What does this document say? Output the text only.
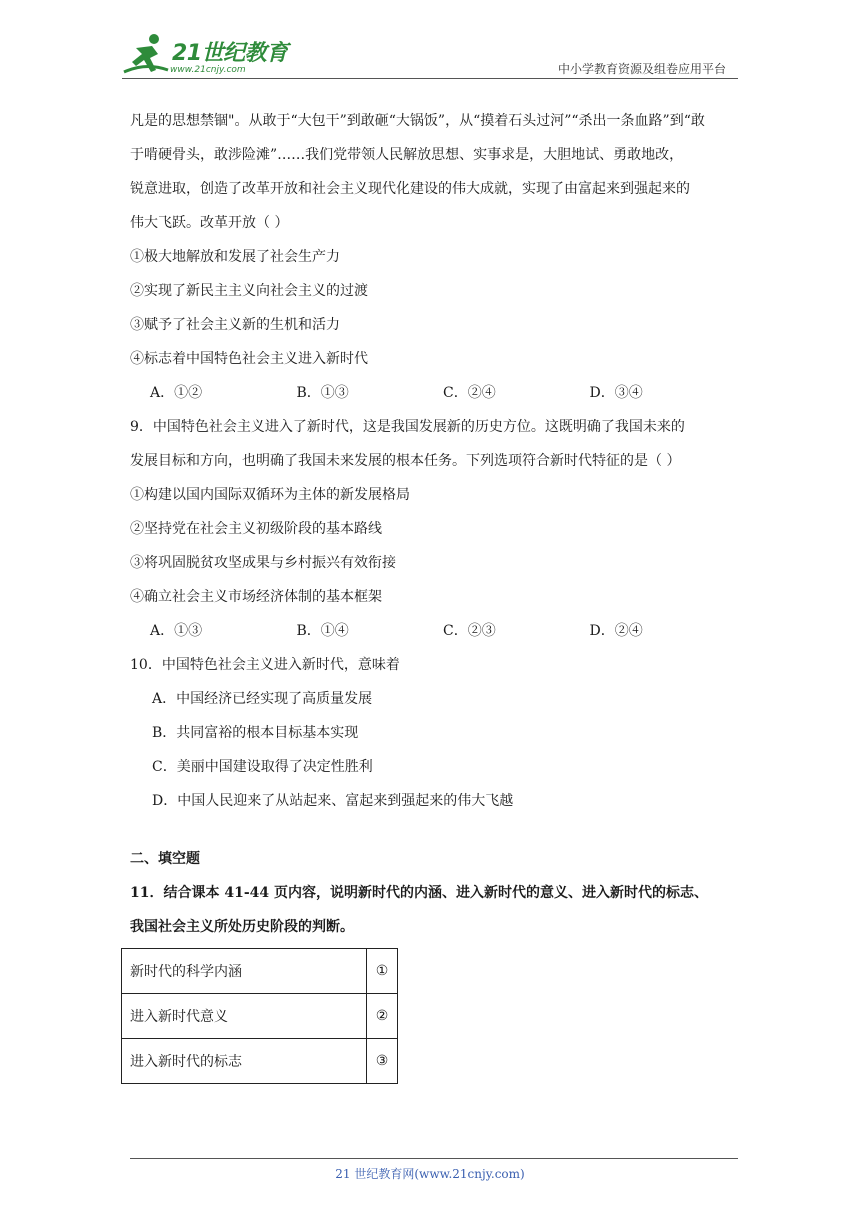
21世纪教育
www.21cnjy.com	中小学教育资源及组卷应用平台
凡是的思想禁锢"。从敢于“大包干”到敢砸“大锅饭”，从“摸着石头过河”“杀出一条血路”到“敢
于啃硬骨头，敢涉险滩”……我们党带领人民解放思想、实事求是，大胆地试、勇敢地改，
锐意进取，创造了改革开放和社会主义现代化建设的伟大成就，实现了由富起来到强起来的
伟大飞跃。改革开放（ ）
①极大地解放和发展了社会生产力
②实现了新民主主义向社会主义的过渡
③赋予了社会主义新的生机和活力
④标志着中国特色社会主义进入新时代
A．①②	B．①③	C．②④	D．③④
9．中国特色社会主义进入了新时代，这是我国发展新的历史方位。这既明确了我国未来的
发展目标和方向，也明确了我国未来发展的根本任务。下列选项符合新时代特征的是（ ）
①构建以国内国际双循环为主体的新发展格局
②坚持党在社会主义初级阶段的基本路线
③将巩固脱贫攻坚成果与乡村振兴有效衔接
④确立社会主义市场经济体制的基本框架
A．①③	B．①④	C．②③	D．②④
10．中国特色社会主义进入新时代，意味着
A．中国经济已经实现了高质量发展
B．共同富裕的根本目标基本实现
C．美丽中国建设取得了决定性胜利
D．中国人民迎来了从站起来、富起来到强起来的伟大飞越
二、填空题
11．结合课本 41-44 页内容，说明新时代的内涵、进入新时代的意义、进入新时代的标志、
我国社会主义所处历史阶段的判断。
新时代的科学内涵	①
进入新时代意义	②
进入新时代的标志	③
21 世纪教育网(www.21cnjy.com)
